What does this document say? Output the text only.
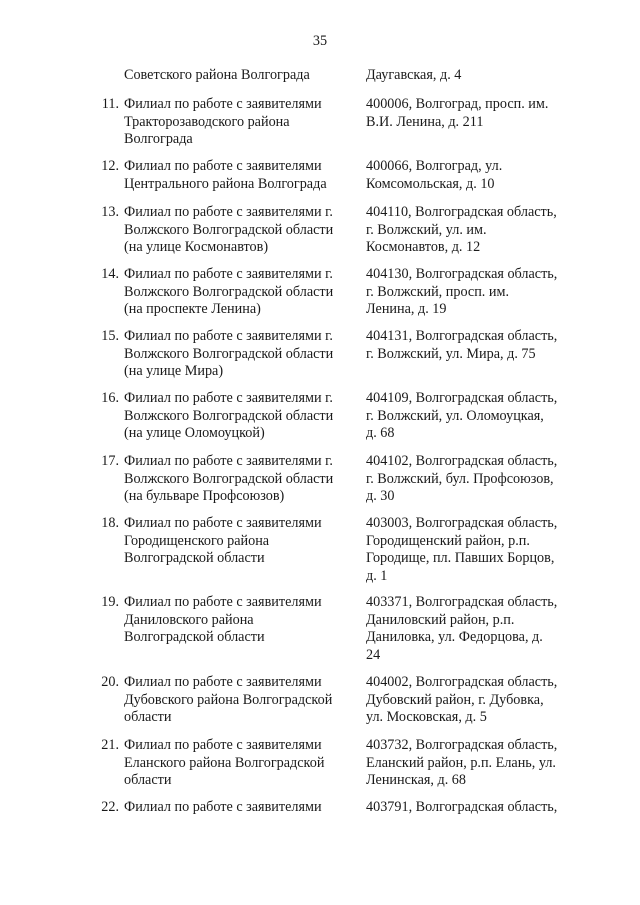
35
Советского района Волгограда	Даугавская, д. 4
11. Филиал по работе с заявителями
Тракторозаводского района
Волгограда
400006, Волгоград, просп. им.
В.И. Ленина, д. 211
12. Филиал по работе с заявителями
Центрального района Волгограда
400066, Волгоград, ул.
Комсомольская, д. 10
13. Филиал по работе с заявителями г.
Волжского Волгоградской области
(на улице Космонавтов)
404110, Волгоградская область,
г. Волжский, ул. им.
Космонавтов, д. 12
14. Филиал по работе с заявителями г.
Волжского Волгоградской области
(на проспекте Ленина)
404130, Волгоградская область,
г. Волжский, просп. им.
Ленина, д. 19
15. Филиал по работе с заявителями г.
Волжского Волгоградской области
(на улице Мира)
404131, Волгоградская область,
г. Волжский, ул. Мира, д. 75
16. Филиал по работе с заявителями г.
Волжского Волгоградской области
(на улице Оломоуцкой)
404109, Волгоградская область,
г. Волжский, ул. Оломоуцкая,
д. 68
17. Филиал по работе с заявителями г.
Волжского Волгоградской области
(на бульваре Профсоюзов)
404102, Волгоградская область,
г. Волжский, бул. Профсоюзов,
д. 30
18. Филиал по работе с заявителями
Городищенского района
Волгоградской области
403003, Волгоградская область,
Городищенский район, р.п.
Городище, пл. Павших Борцов,
д. 1
19. Филиал по работе с заявителями
Даниловского района
Волгоградской области
403371, Волгоградская область,
Даниловский район, р.п.
Даниловка, ул. Федорцова, д.
24
20. Филиал по работе с заявителями
Дубовского района Волгоградской
области
404002, Волгоградская область,
Дубовский район, г. Дубовка,
ул. Московская, д. 5
21. Филиал по работе с заявителями
Еланского района Волгоградской
области
403732, Волгоградская область,
Еланский район, р.п. Елань, ул.
Ленинская, д. 68
22. Филиал по работе с заявителями	403791, Волгоградская область,
